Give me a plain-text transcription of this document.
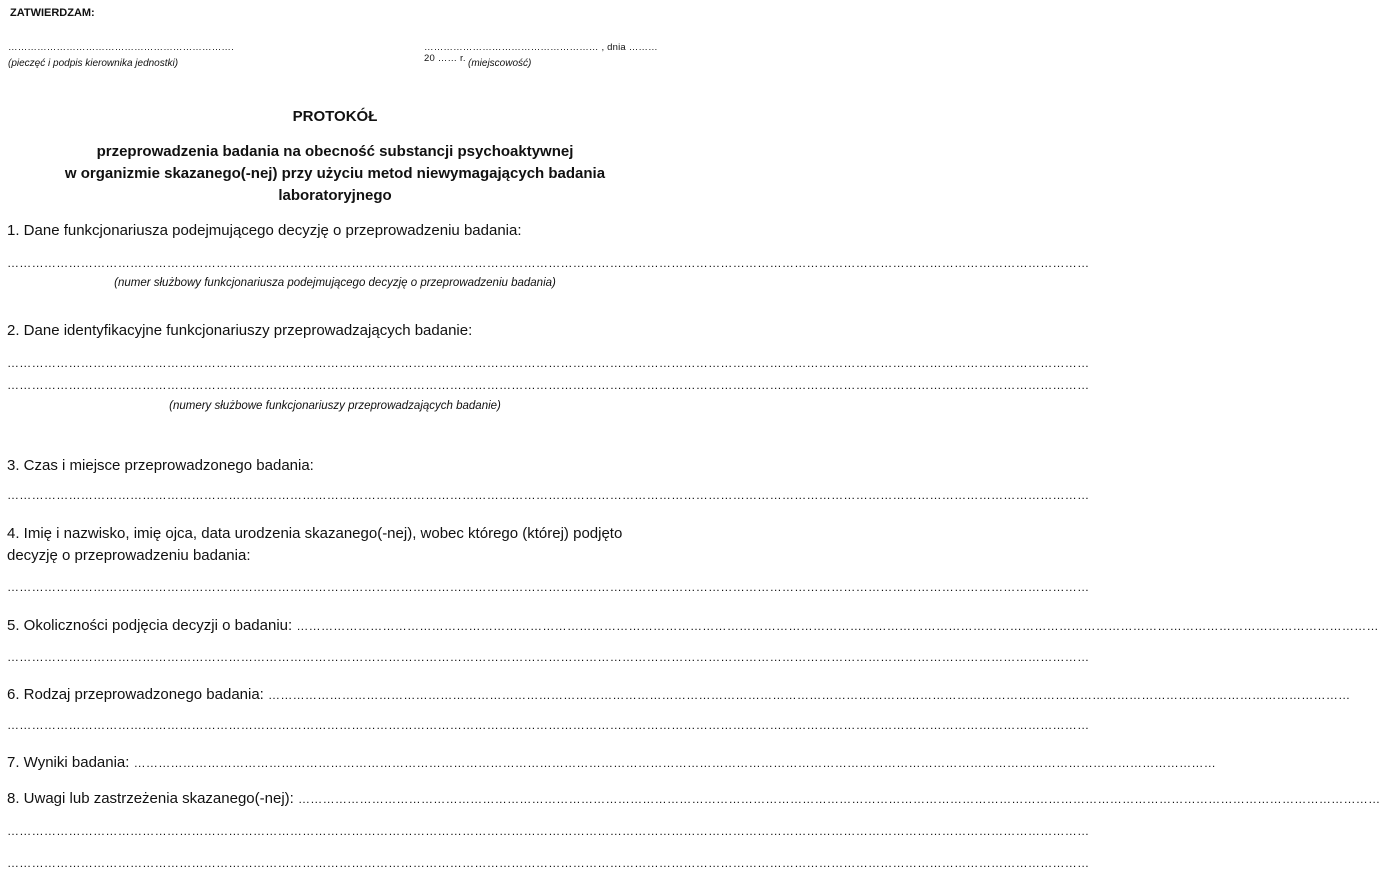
ZATWIERDZAM:
…………………………………………………………….
(pieczęć i podpis kierownika jednostki)
……………………………………………… , dnia ……… 20 …… r. (miejscowość)
PROTOKÓŁ
przeprowadzenia badania na obecność substancji psychoaktywnej
w organizmie skazanego(-nej) przy użyciu metod niewymagających badania
laboratoryjnego
1. Dane funkcjonariusza podejmującego decyzję o przeprowadzeniu badania:
…………………………………………………………………………………………………………………………………………………………………………………………………………………………………………
(numer służbowy funkcjonariusza podejmującego decyzję o przeprowadzeniu badania)
2. Dane identyfikacyjne funkcjonariuszy przeprowadzających badanie:
…………………………………………………………………………………………………………………………………………………………………………………………………………………………………………
…………………………………………………………………………………………………………………………………………………………………………………………………………………………………………
(numery służbowe funkcjonariuszy przeprowadzających badanie)
3. Czas i miejsce przeprowadzonego badania:
…………………………………………………………………………………………………………………………………………………………………………………………………………………………………………
4. Imię i nazwisko, imię ojca, data urodzenia skazanego(-nej), wobec którego (której) podjęto decyzję o przeprowadzeniu badania:
…………………………………………………………………………………………………………………………………………………………………………………………………………………………………………
5. Okoliczności podjęcia decyzji o badaniu: …………………………………………………………………………………………………………………………………………………………………………………………………………………………………………
…………………………………………………………………………………………………………………………………………………………………………………………………………………………………………
6. Rodzaj przeprowadzonego badania: …………………………………………………………………………………………………………………………………………………………………………………………………………………………………………
…………………………………………………………………………………………………………………………………………………………………………………………………………………………………………
7. Wyniki badania: …………………………………………………………………………………………………………………………………………………………………………………………………………………………………………
8. Uwagi lub zastrzeżenia skazanego(-nej): …………………………………………………………………………………………………………………………………………………………………………………………………………………………………………
…………………………………………………………………………………………………………………………………………………………………………………………………………………………………………
…………………………………………………………………………………………………………………………………………………………………………………………………………………………………………
